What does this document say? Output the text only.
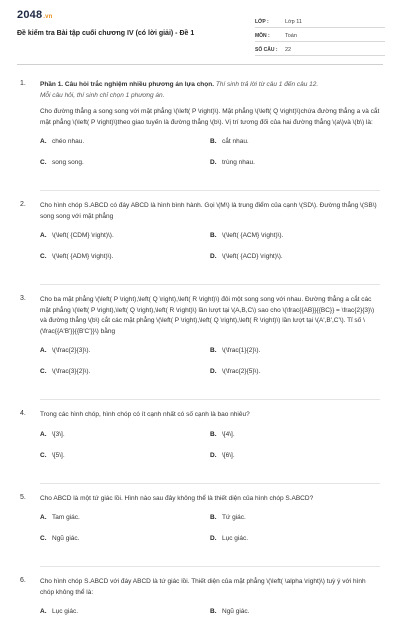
2048.vn
Đề kiểm tra Bài tập cuối chương IV (có lời giải) - Đề 1
LỚP :	Lớp 11
MÔN :	Toán
SỐ CÂU :	22
1. Phần 1. Câu hỏi trắc nghiệm nhiều phương án lựa chọn. Thí sinh trả lời từ câu 1 đến câu 12.
Mỗi câu hỏi, thí sinh chỉ chọn 1 phương án.
Cho đường thẳng a song song với mặt phẳng \(\left( P \right)\). Mặt phẳng \(\left( Q \right)\)chứa đường thẳng a và cắt mặt phẳng \(\left( P \right)\)theo giao tuyến là đường thẳng \(b\). Vị trí tương đối của hai đường thẳng \(a\)và \(b\) là:
A. chéo nhau.	B. cắt nhau.
C. song song.	D. trùng nhau.
2. Cho hình chóp S.ABCD có đáy ABCD là hình bình hành. Gọi \(M\) là trung điểm của cạnh \(SD\). Đường thẳng \(SB\) song song với mặt phẳng
A. \(\left( {CDM} \right)\).	B. \(\left( {ACM} \right)\).
C. \(\left( {ADM} \right)\).	D. \(\left( {ACD} \right)\).
3. Cho ba mặt phẳng \(\left( P \right),\left( Q \right),\left( R \right)\) đôi một song song với nhau. Đường thẳng a cắt các mặt phẳng \(\left( P \right),\left( Q \right),\left( R \right)\) lần lượt tại \(A,B,C\) sao cho \(\frac{{AB}}{{BC}} = \frac{2}{3}\) và đường thẳng \(b\) cắt các mặt phẳng \(\left( P \right),\left( Q \right),\left( R \right)\) lần lượt tại \(A',B',C'\). Tỉ số \(\frac{{A'B'}}{{B'C'}}\) bằng
A. \(\frac{2}{3}\).	B. \(\frac{1}{2}\).
C. \(\frac{3}{2}\).	D. \(\frac{2}{5}\).
4. Trong các hình chóp, hình chóp có ít cạnh nhất có số cạnh là bao nhiêu?
A. \[3\].	B. \[4\].
C. \[5\].	D. \[6\].
5. Cho ABCD là một tứ giác lồi. Hình nào sau đây không thể là thiết diện của hình chóp S.ABCD?
A. Tam giác.	B. Tứ giác.
C. Ngũ giác.	D. Lục giác.
6. Cho hình chóp S.ABCD với đáy ABCD là tứ giác lồi. Thiết diện của mặt phẳng \(\left( \alpha \right)\) tuỳ ý với hình chóp không thể là:
A. Lục giác.	B. Ngũ giác.
